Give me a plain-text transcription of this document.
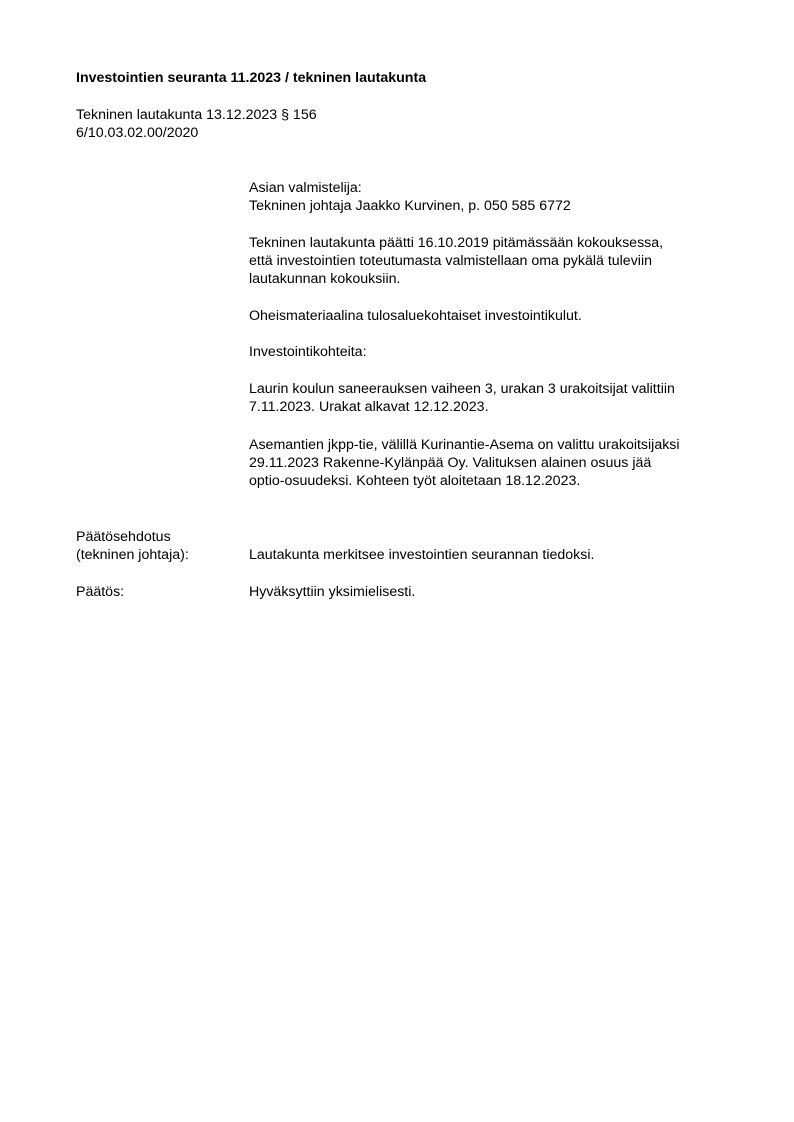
Investointien seuranta 11.2023 / tekninen lautakunta
Tekninen lautakunta 13.12.2023 § 156
6/10.03.02.00/2020
Asian valmistelija:
Tekninen johtaja Jaakko Kurvinen, p. 050 585 6772
Tekninen lautakunta päätti 16.10.2019 pitämässään kokouksessa,
että investointien toteutumasta valmistellaan oma pykälä tuleviin
lautakunnan kokouksiin.
Oheismateriaalina tulosaluekohtaiset investointikulut.
Investointikohteita:
Laurin koulun saneerauksen vaiheen 3, urakan 3 urakoitsijat valittiin
7.11.2023. Urakat alkavat 12.12.2023.
Asemantien jkpp-tie, välillä Kurinantie-Asema on valittu urakoitsijaksi
29.11.2023 Rakenne-Kylänpää Oy. Valituksen alainen osuus jää
optio-osuudeksi. Kohteen työt aloitetaan 18.12.2023.
Päätösehdotus
(tekninen johtaja):	Lautakunta merkitsee investointien seurannan tiedoksi.
Päätös:	Hyväksyttiin yksimielisesti.
